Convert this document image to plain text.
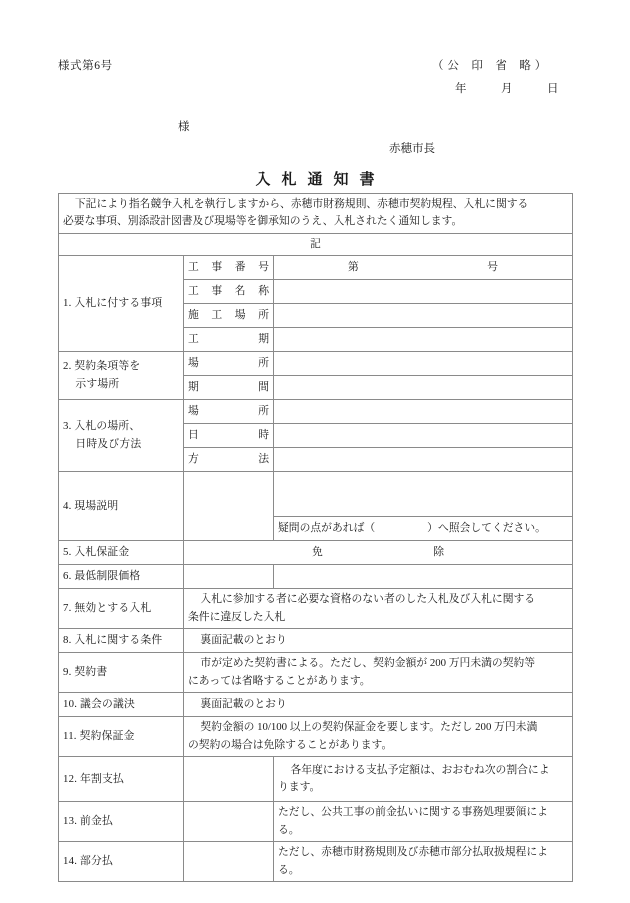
様式第6号	（ 公　印　省　略 ）
年　　　月　　　日
様
赤穂市長
入札通知書

下記により指名競争入札を執行しますから、赤穂市財務規則、赤穂市契約規程、入札に関する

必要な事項、別添設計図書及び現場等を御承知のうえ、入札されたく通知します。		

記		
1. 入札に付する事項	工事番号	第号
	工事名称	
	施工場所	
	工期	
2. 契約条項等を
示す場所	場所	
	期間	
3. 入札の場所、
日時及び方法	場所	
	日時	
	方法	
4. 現場説明		
		疑問の点があれば（ ）へ照会してください。
5. 入札保証金	免除	
6. 最低制限価格		
7. 無効とする入札	入札に参加する者に必要な資格のない者のした入札及び入札に関する

条件に違反した入札	

8. 入札に関する条件	裏面記載のとおり	

9. 契約書	市が定めた契約書による。ただし、契約金額が 200 万円未満の契約等

にあっては省略することがあります。	

10. 議会の議決	裏面記載のとおり	

11. 契約保証金	契約金額の 10/100 以上の契約保証金を要します。ただし 200 万円未満

の契約の場合は免除することがあります。	

12. 年割支払		各年度における支払予定額は、おおむね次の割合によ

ります。

13. 前金払		ただし、公共工事の前金払いに関する事務処理要領による。
14. 部分払		ただし、赤穂市財務規則及び赤穂市部分払取扱規程による。
